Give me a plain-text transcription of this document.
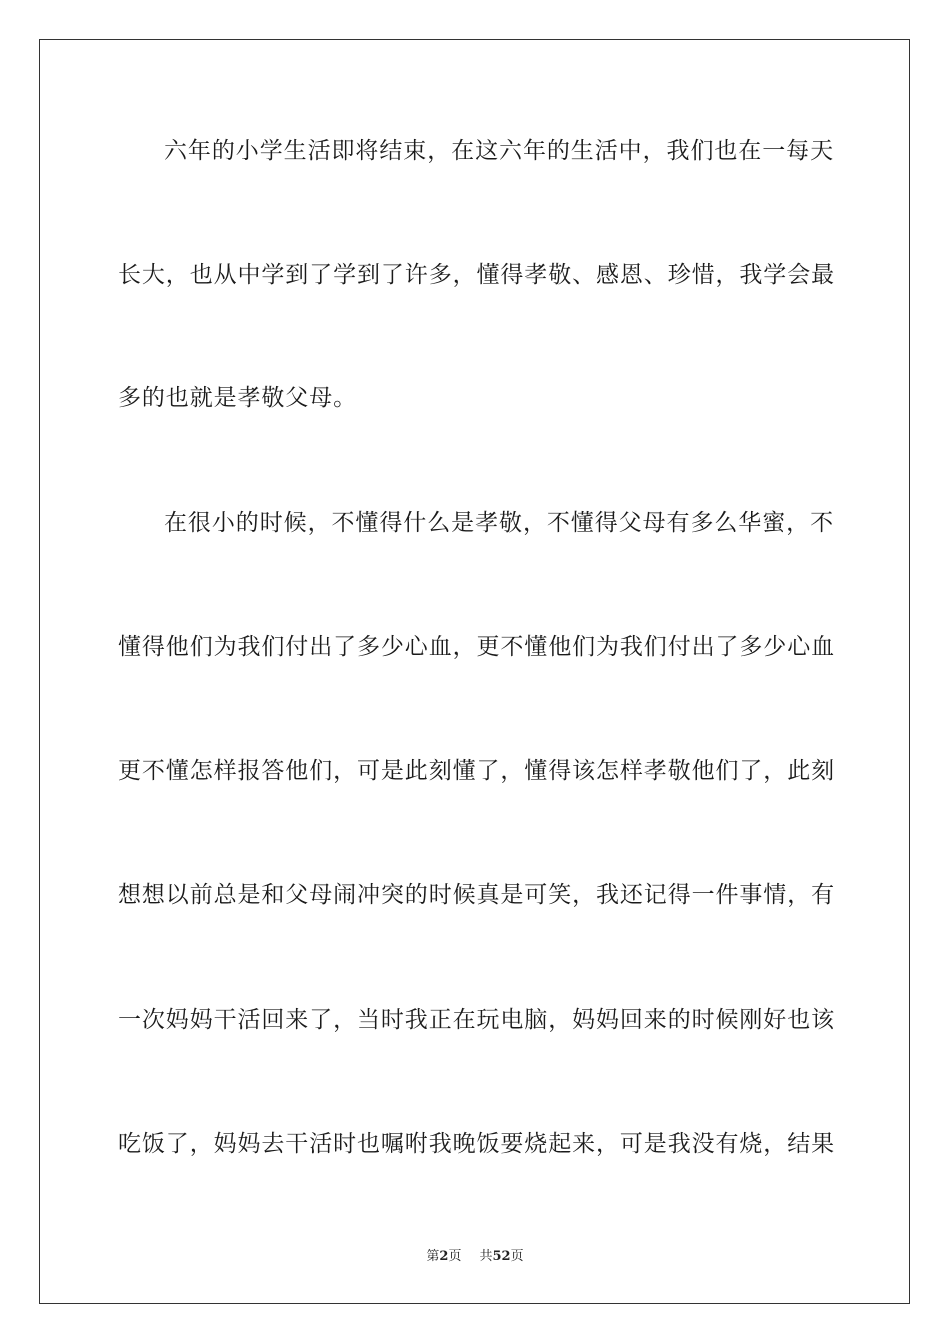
六年的小学生活即将结束，在这六年的生活中，我们也在一每天
长大，也从中学到了学到了许多，懂得孝敬、感恩、珍惜，我学会最
多的也就是孝敬父母。
在很小的时候，不懂得什么是孝敬，不懂得父母有多么华蜜，不
懂得他们为我们付出了多少心血，更不懂他们为我们付出了多少心血
更不懂怎样报答他们，可是此刻懂了，懂得该怎样孝敬他们了，此刻
想想以前总是和父母闹冲突的时候真是可笑，我还记得一件事情，有
一次妈妈干活回来了，当时我正在玩电脑，妈妈回来的时候刚好也该
吃饭了，妈妈去干活时也嘱咐我晚饭要烧起来，可是我没有烧，结果
第2页 共52页
